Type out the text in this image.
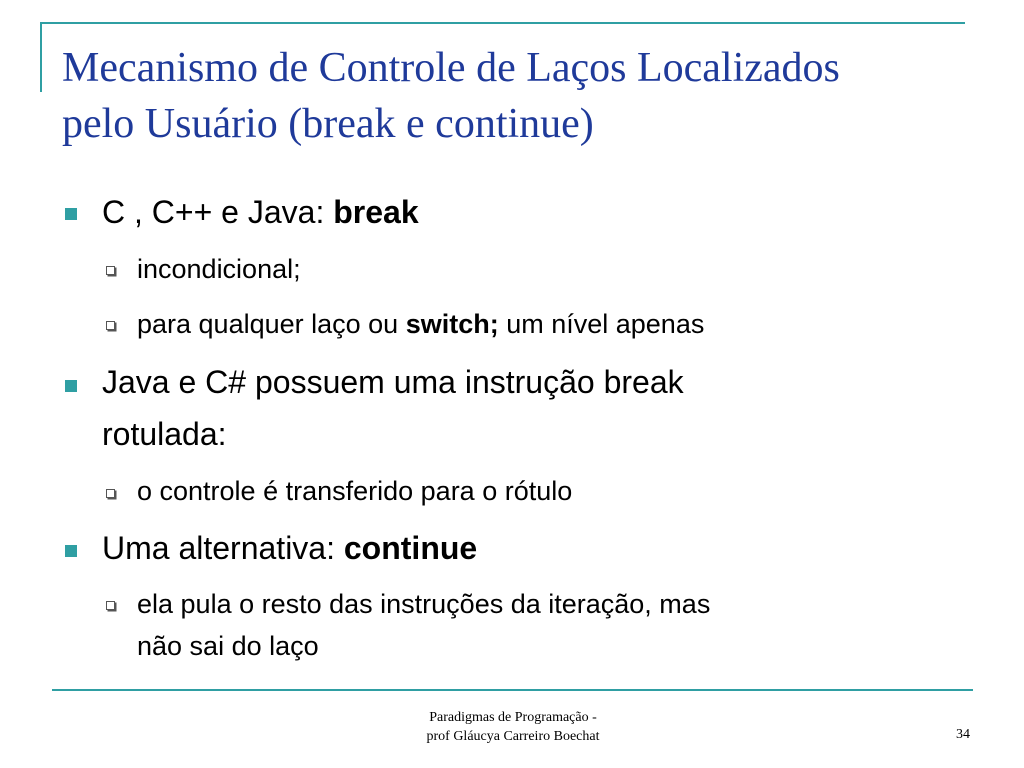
Mecanismo de Controle de Laços Localizados
pelo Usuário (break e continue)
C , C++ e Java: break
incondicional;
para qualquer laço ou switch; um nível apenas
Java e C# possuem uma instrução break
rotulada:
o controle é transferido para o rótulo
Uma alternativa: continue
ela pula o resto das instruções da iteração, mas
não sai do laço
Paradigmas de Programação -
prof Gláucya Carreiro Boechat	34
